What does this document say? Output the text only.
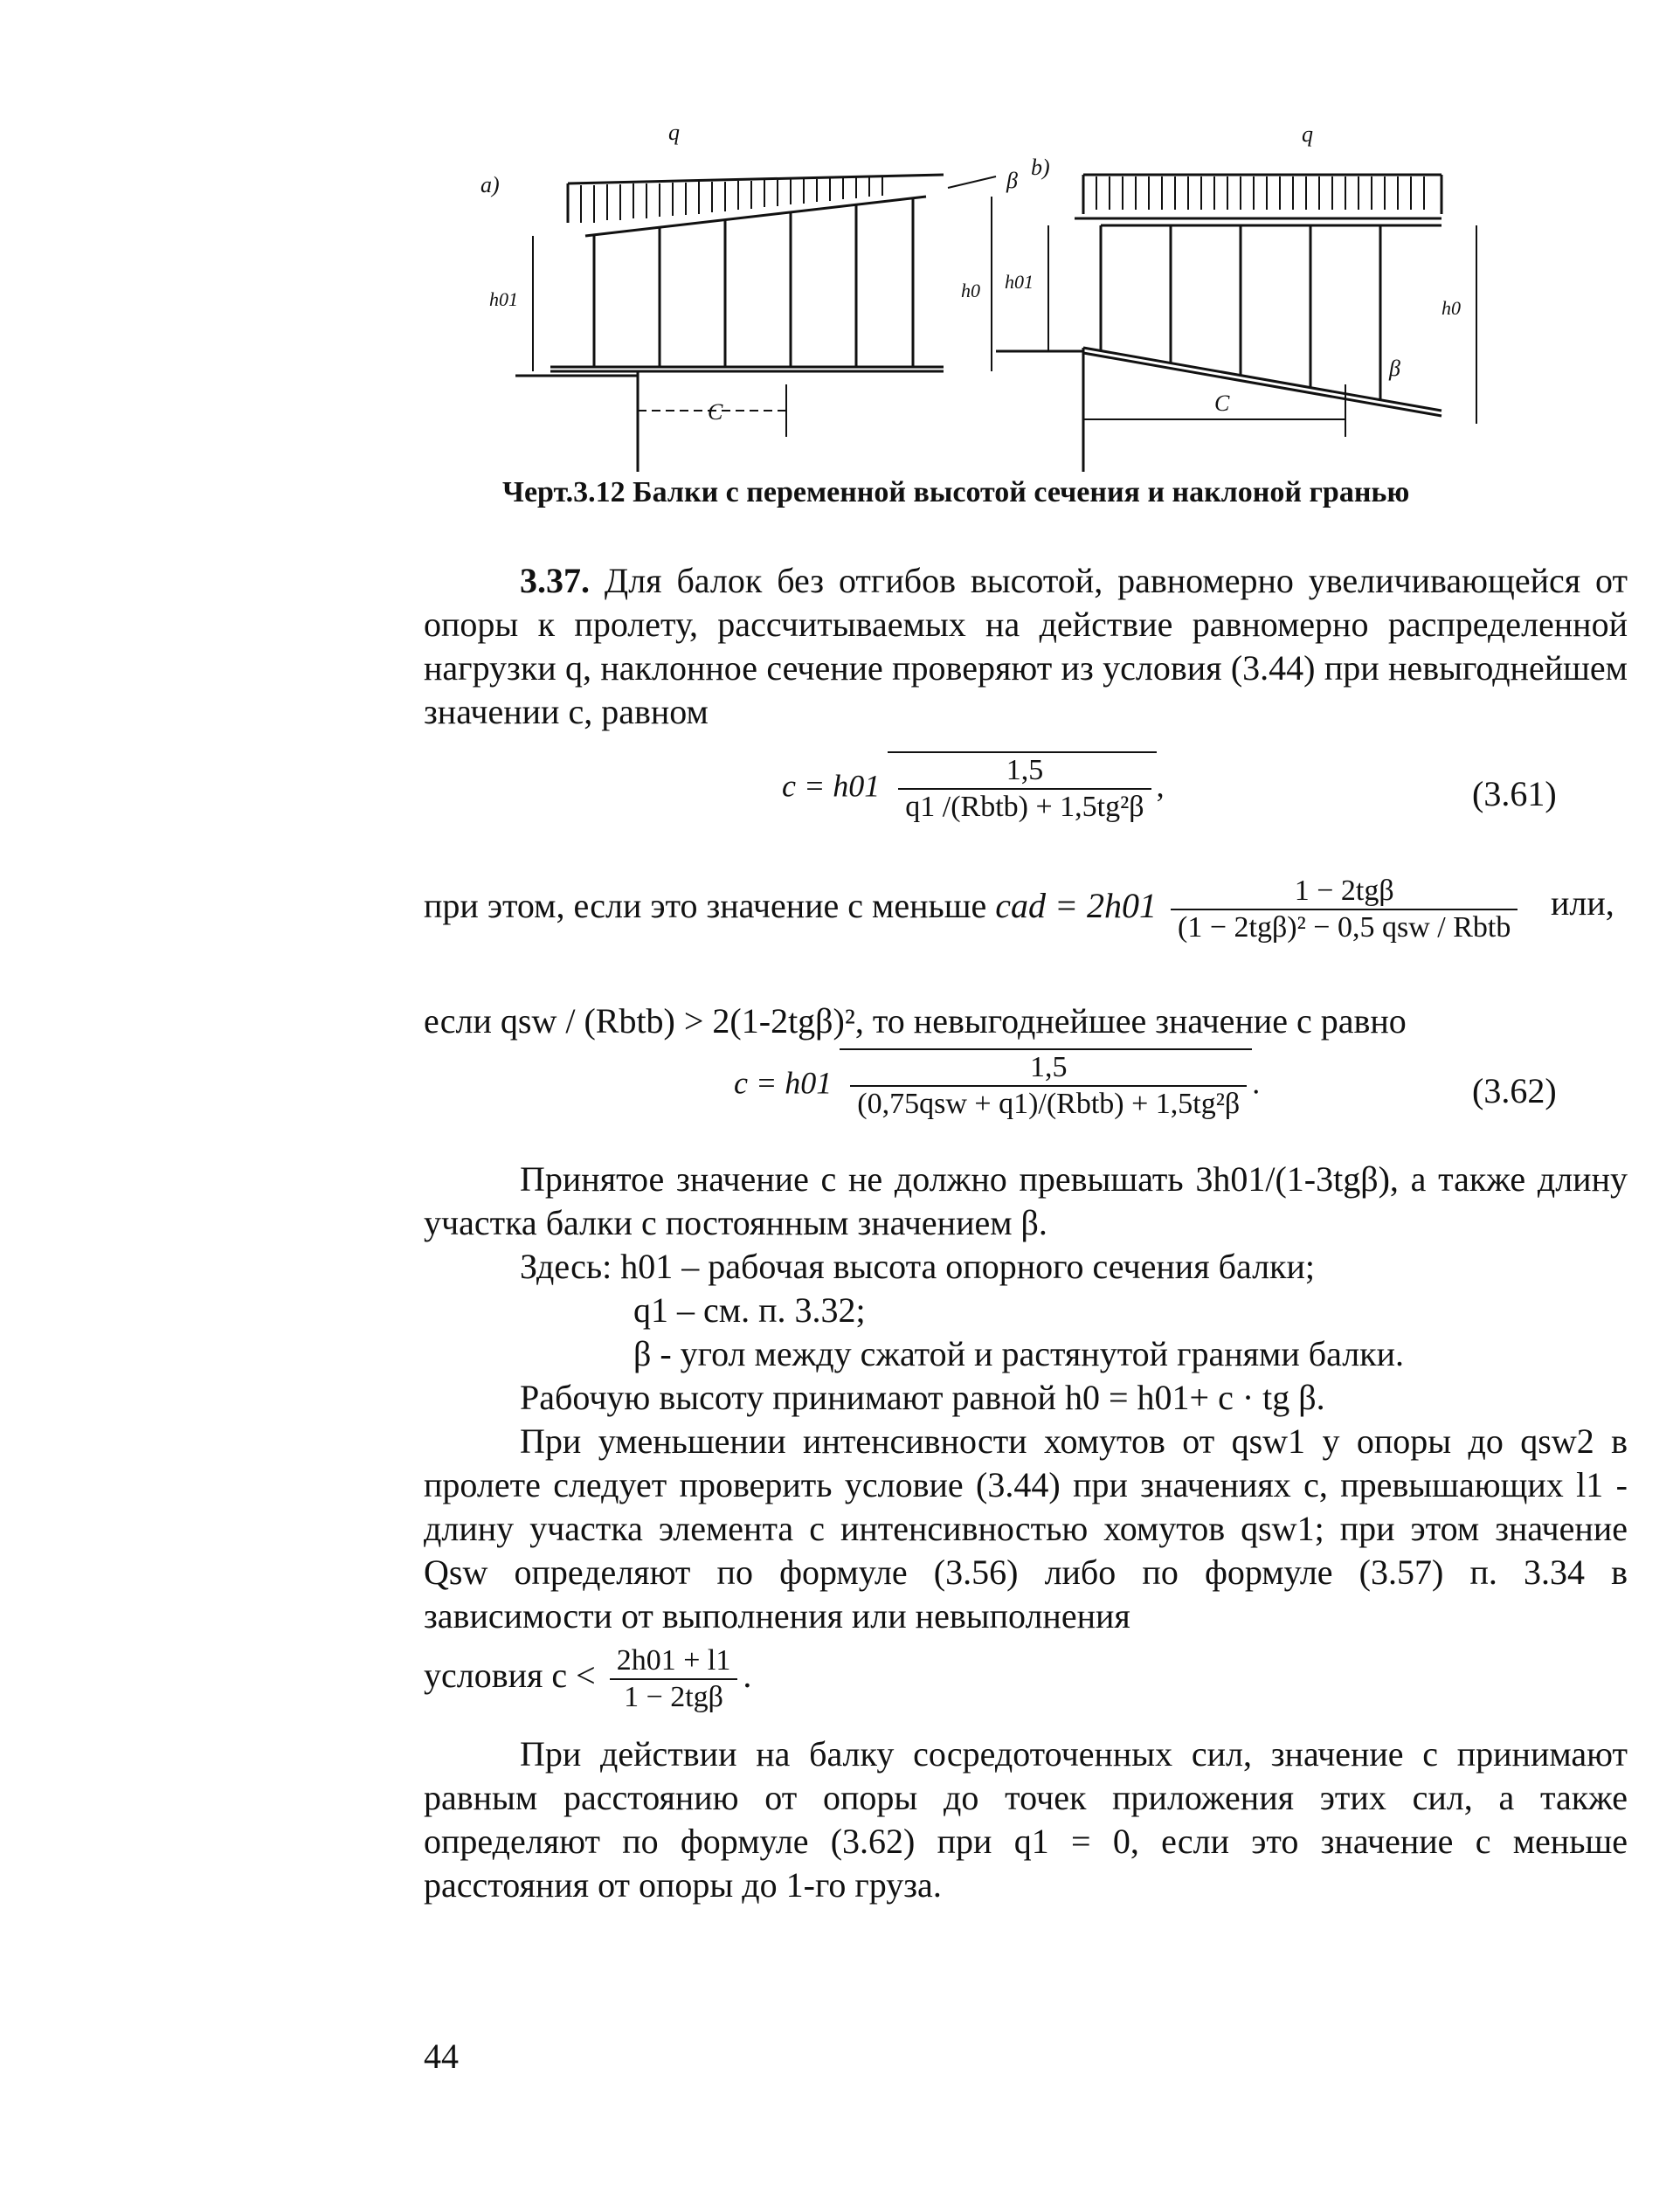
a)
b)
q	q
h01	h0 h01
h0
β
β
C	C
Черт.3.12 Балки с переменной высотой сечения и наклоной гранью

3.37. Для балок без отгибов высотой, равномерно увеличивающейся от опоры к пролету, рассчитываемых на действие равномерно распределенной нагрузки q, наклонное сечение проверяют из условия (3.44) при невыгоднейшем значении c, равном

$c = h01 \frac{1,5}{\text{q1 /(Rbtb) + 1,5tg²β}}$ ,	(3.61)
при этом, если это значение c меньше cad = $2h01 \frac{\text{1 − 2tgβ}}{\text{(1 − 2tgβ)² − 0,5 qsw / Rbtb}}$ или,
если qsw / (Rbtb) > 2(1-2tgβ)², то невыгоднейшее значение c равно
$c = h01 \frac{1,5}{\text{(0,75qsw + q1)/(Rbtb) + 1,5tg²β}}$ .	(3.62)

Принятое значение c не должно превышать 3h01/(1-3tgβ), а также длину участка балки с постоянным значением β.

Здесь: h01 – рабочая высота опорного сечения балки;

q1 – см. п. 3.32;

β - угол между сжатой и растянутой гранями балки.

Рабочую высоту принимают равной h0 = h01+ c · tg β.

При уменьшении интенсивности хомутов от qsw1 у опоры до qsw2 в пролете следует проверить условие (3.44) при значениях c, превышающих l1 - длину участка элемента с интенсивностью хомутов qsw1; при этом значение Qsw определяют по формуле (3.56) либо по формуле (3.57) п. 3.34 в зависимости от выполнения или невыполнения

условия $c < \frac{2h01 + l1}{\text{1 − 2tgβ}}$ .

При действии на балку сосредоточенных сил, значение c принимают равным расстоянию от опоры до точек приложения этих сил, а также определяют по формуле (3.62) при q1 = 0, если это значение c меньше расстояния от опоры до 1-го груза.

44
